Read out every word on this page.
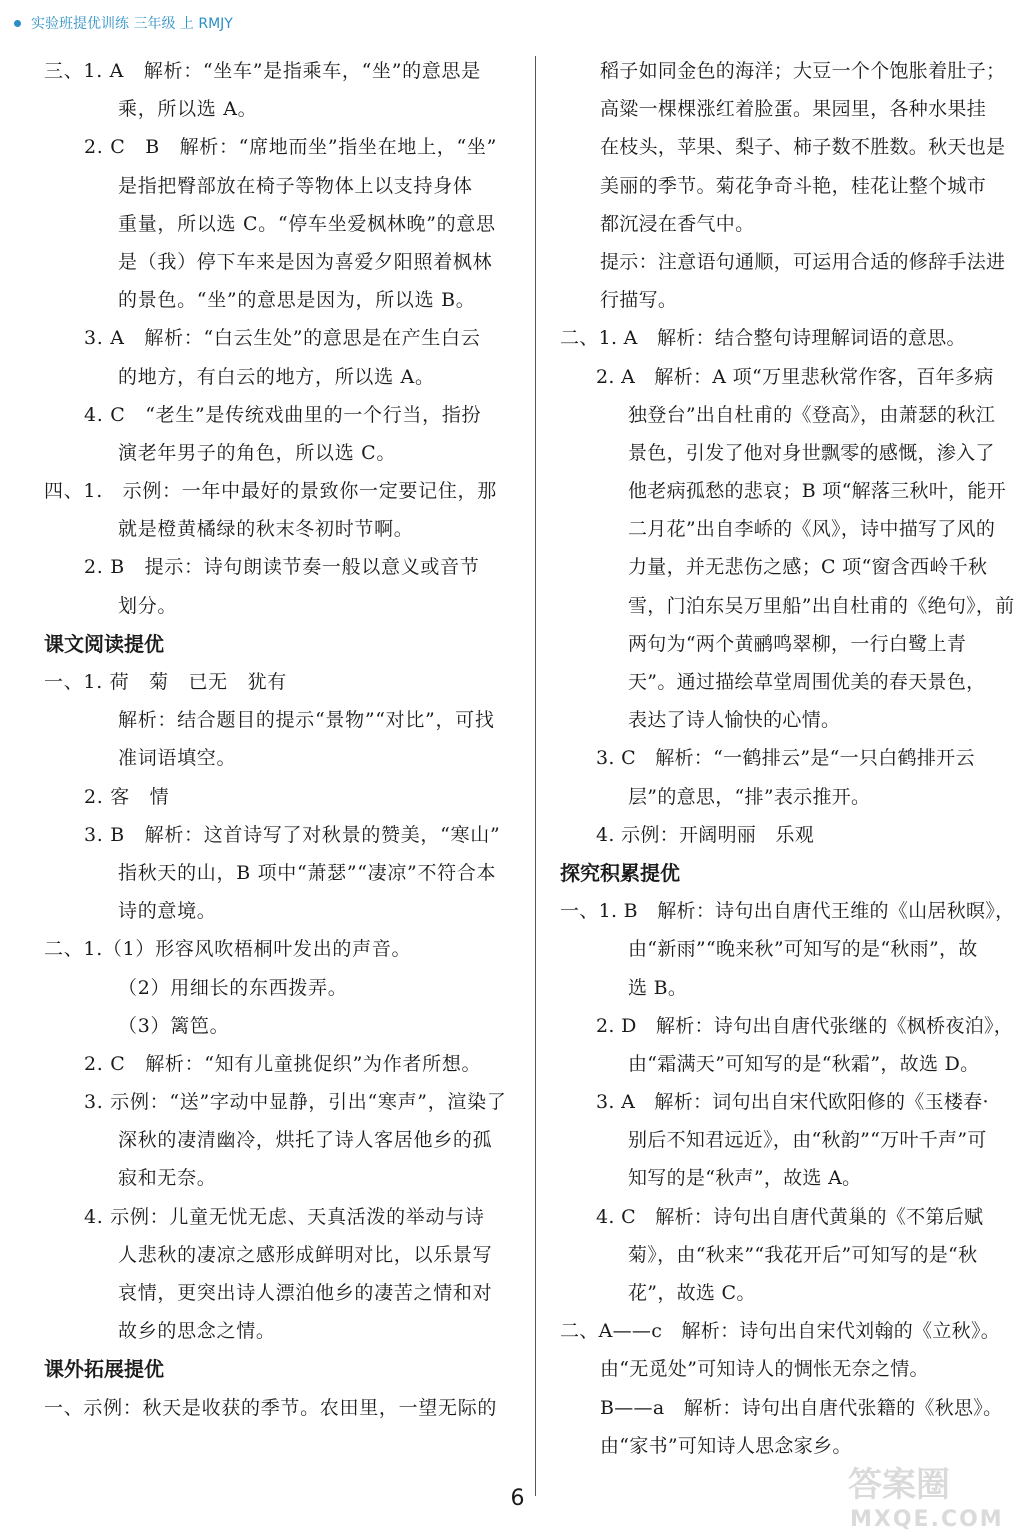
实验班提优训练 三年级 上 RMJY
三、1. A　解析：“坐车”是指乘车，“坐”的意思是
乘，所以选 A。
2. C　B　解析：“席地而坐”指坐在地上，“坐”
是指把臀部放在椅子等物体上以支持身体
重量，所以选 C。“停车坐爱枫林晚”的意思
是（我）停下车来是因为喜爱夕阳照着枫林
的景色。“坐”的意思是因为，所以选 B。
3. A　解析：“白云生处”的意思是在产生白云
的地方，有白云的地方，所以选 A。
4. C　“老生”是传统戏曲里的一个行当，指扮
演老年男子的角色，所以选 C。
四、1.　示例：一年中最好的景致你一定要记住，那
就是橙黄橘绿的秋末冬初时节啊。
2. B　提示：诗句朗读节奏一般以意义或音节
划分。
课文阅读提优
一、1. 荷　菊　已无　犹有
解析：结合题目的提示“景物”“对比”，可找
准词语填空。
2. 客　情
3. B　解析：这首诗写了对秋景的赞美，“寒山”
指秋天的山，B 项中“萧瑟”“凄凉”不符合本
诗的意境。
二、1.（1）形容风吹梧桐叶发出的声音。
（2）用细长的东西拨弄。
（3）篱笆。
2. C　解析：“知有儿童挑促织”为作者所想。
3. 示例：“送”字动中显静，引出“寒声”，渲染了
深秋的凄清幽冷，烘托了诗人客居他乡的孤
寂和无奈。
4. 示例：儿童无忧无虑、天真活泼的举动与诗
人悲秋的凄凉之感形成鲜明对比，以乐景写
哀情，更突出诗人漂泊他乡的凄苦之情和对
故乡的思念之情。
课外拓展提优
一、示例：秋天是收获的季节。农田里，一望无际的
稻子如同金色的海洋；大豆一个个饱胀着肚子；
高粱一棵棵涨红着脸蛋。果园里，各种水果挂
在枝头，苹果、梨子、柿子数不胜数。秋天也是
美丽的季节。菊花争奇斗艳，桂花让整个城市
都沉浸在香气中。
提示：注意语句通顺，可运用合适的修辞手法进
行描写。
二、1. A　解析：结合整句诗理解词语的意思。
2. A　解析：A 项“万里悲秋常作客，百年多病
独登台”出自杜甫的《登高》，由萧瑟的秋江
景色，引发了他对身世飘零的感慨，渗入了
他老病孤愁的悲哀；B 项“解落三秋叶，能开
二月花”出自李峤的《风》，诗中描写了风的
力量，并无悲伤之感；C 项“窗含西岭千秋
雪，门泊东吴万里船”出自杜甫的《绝句》，前
两句为“两个黄鹂鸣翠柳，一行白鹭上青
天”。通过描绘草堂周围优美的春天景色，
表达了诗人愉快的心情。
3. C　解析：“一鹤排云”是“一只白鹤排开云
层”的意思，“排”表示推开。
4. 示例：开阔明丽　乐观
探究积累提优
一、1. B　解析：诗句出自唐代王维的《山居秋暝》，
由“新雨”“晚来秋”可知写的是“秋雨”，故
选 B。
2. D　解析：诗句出自唐代张继的《枫桥夜泊》，
由“霜满天”可知写的是“秋霜”，故选 D。
3. A　解析：词句出自宋代欧阳修的《玉楼春·
别后不知君远近》，由“秋韵”“万叶千声”可
知写的是“秋声”，故选 A。
4. C　解析：诗句出自唐代黄巢的《不第后赋
菊》，由“秋来”“我花开后”可知写的是“秋
花”，故选 C。
二、A——c　解析：诗句出自宋代刘翰的《立秋》。
由“无觅处”可知诗人的惆怅无奈之情。
B——a　解析：诗句出自唐代张籍的《秋思》。
由“家书”可知诗人思念家乡。
6	答案圈
MXQE.COM
